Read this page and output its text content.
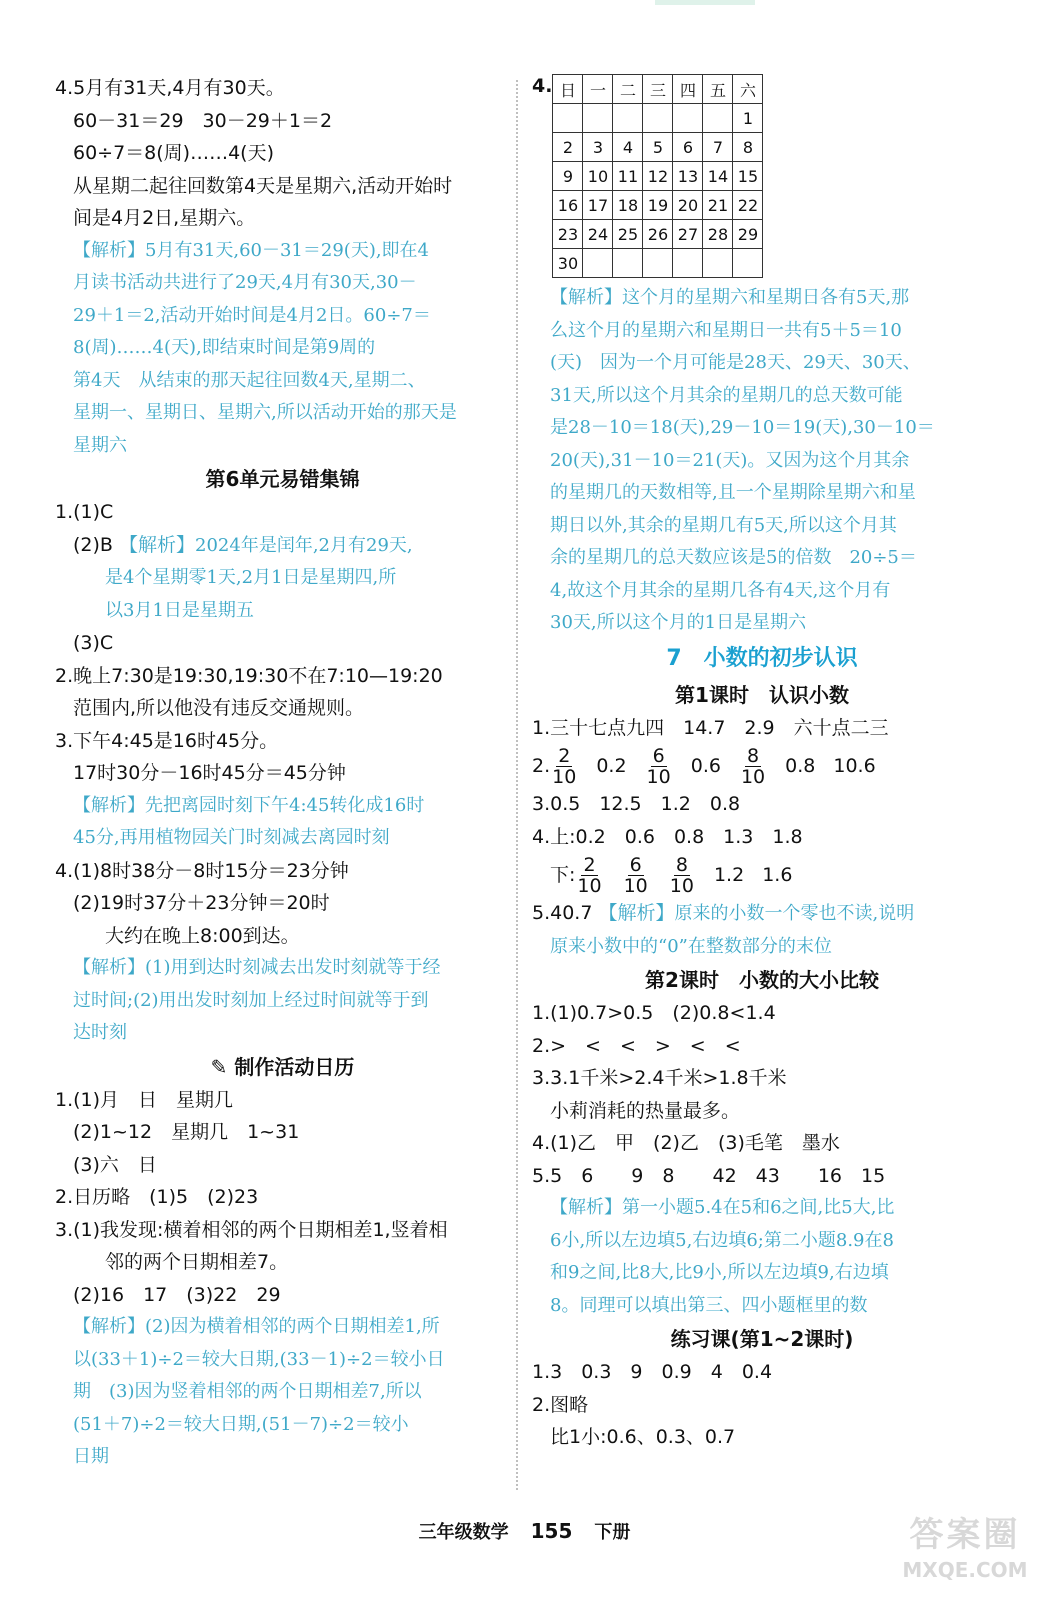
4.5月有31天,4月有30天。
60－31＝29　30－29＋1＝2
60÷7＝8(周)……4(天)
从星期二起往回数第4天是星期六,活动开始时
间是4月2日,星期六。
【解析】5月有31天,60－31＝29(天),即在4
月读书活动共进行了29天,4月有30天,30－
29＋1＝2,活动开始时间是4月2日。60÷7＝
8(周)……4(天),即结束时间是第9周的
第4天　从结束的那天起往回数4天,星期二、
星期一、星期日、星期六,所以活动开始的那天是
星期六
第6单元易错集锦
1.(1)C
(2)B 【解析】2024年是闰年,2月有29天,
是4个星期零1天,2月1日是星期四,所
以3月1日是星期五
(3)C
2.晚上7:30是19:30,19:30不在7:10—19:20
范围内,所以他没有违反交通规则。
3.下午4:45是16时45分。
17时30分－16时45分＝45分钟
【解析】先把离园时刻下午4:45转化成16时
45分,再用植物园关门时刻减去离园时刻
4.(1)8时38分－8时15分＝23分钟
(2)19时37分＋23分钟＝20时
大约在晚上8:00到达。
【解析】(1)用到达时刻减去出发时刻就等于经
过时间;(2)用出发时刻加上经过时间就等于到
达时刻
✎ 制作活动日历
1.(1)月　日　星期几
(2)1~12　星期几　1~31
(3)六　日
2.日历略　(1)5　(2)23
3.(1)我发现:横着相邻的两个日期相差1,竖着相
邻的两个日期相差7。
(2)16　17　(3)22　29
【解析】(2)因为横着相邻的两个日期相差1,所
以(33＋1)÷2＝较大日期,(33－1)÷2＝较小日
期　(3)因为竖着相邻的两个日期相差7,所以
(51＋7)÷2＝较大日期,(51－7)÷2＝较小
日期
4. 日	一	二	三	四	五	六
						1
2	3	4	5	6	7	8
9	10	11	12	13	14	15
16	17	18	19	20	21	22
23	24	25	26	27	28	29
30						
【解析】这个月的星期六和星期日各有5天,那
么这个月的星期六和星期日一共有5＋5＝10
(天)　因为一个月可能是28天、29天、30天、
31天,所以这个月其余的星期几的总天数可能
是28－10＝18(天),29－10＝19(天),30－10＝
20(天),31－10＝21(天)。又因为这个月其余
的星期几的天数相等,且一个星期除星期六和星
期日以外,其余的星期几有5天,所以这个月其
余的星期几的总天数应该是5的倍数　20÷5＝
4,故这个月其余的星期几各有4天,这个月有
30天,所以这个月的1日是星期六
7　小数的初步认识
第1课时　认识小数
1.三十七点九四　14.7　2.9　六十点二三
2. $\frac{2}{10} 0.2 \frac{6}{10} 0.6 \frac{8}{10} 0.8$ 10.6
3.0.5　12.5　1.2　0.8
4.上:0.2　0.6　0.8　1.3　1.8
下: $\frac{2}{10} \frac{6}{10} \frac{8}{10} 1.2$ 1.6
5.40.7 【解析】原来的小数一个零也不读,说明
原来小数中的“0”在整数部分的末位
第2课时　小数的大小比较
1.(1)0.7>0.5　(2)0.8<1.4
2.>　<　<　>　<　<
3.3.1千米>2.4千米>1.8千米
小莉消耗的热量最多。
4.(1)乙　甲　(2)乙　(3)毛笔　墨水
5.5　6　　9　8　　42　43　　16　15
【解析】第一小题5.4在5和6之间,比5大,比
6小,所以左边填5,右边填6;第二小题8.9在8
和9之间,比8大,比9小,所以左边填9,右边填
8。同理可以填出第三、四小题框里的数
练习课(第1~2课时)
1.3　0.3　9　0.9　4　0.4
2.图略
比1小:0.6、0.3、0.7
三年级数学 155 下册	答案圈
MXQE.COM
